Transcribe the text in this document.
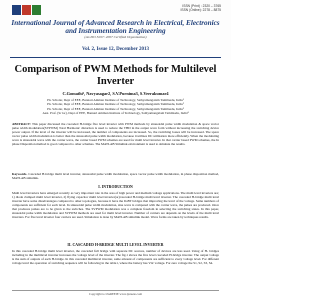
ISSN (Print) : 2320 – 3765
ISSN (Online): 2278 – 8875
International Journal of Advanced Research in Electrical, Electronics and Instrumentation Engineering
(An ISO 3297: 2007 Certified Organization)
Vol. 2, Issue 12, December 2013
Comparison of PWM Methods for Multilevel Inverter
C.Gomathi¹, Navyasagar2, S.V.Purnima3, S.Veerakumar4
PG Scholar, Dept of EEE, Bannari Amman Institute of Technology, Sathyamangalam Tamilnadu, India¹
PG Scholar, Dept of EEE, Bannari Amman Institute of Technology, Sathyamangalam Tamilnadu, India²
PG Scholar, Dept of EEE, Bannari Amman Institute of Technology, Sathyamangalam Tamilnadu, India³
Asst. Prof. (Sr Gr), Dept of EEE, Bannari Amman Institute of Technology, Sathyamangalam Tamilnadu, India⁴

ABSTRACT: This paper discussed the cascaded H-bridge five level inverter with PWM methods by sinusoidal pulse width modulation & space vector pulse width modulation(SVPWM) Total Harmonic distortion is used to reduce the THD in the output wave form without increasing the switching device power output. If the level of the inverter will be increased, the number of components are increased. So, the switching losses will be increased. The space vector pulse width modulation is better than the sinusoidal pulse width modulation, because it utilizes DC utilization more efficiently. When the modulating wave is sinusoidal wave with the carrier wave, the carrier based PWM schemes are used for multi level inverter. In that carrier based PWM schemes, the In phase Disposition method is good compared to other schemes. The MATLAB Simulink environment is used to simulate the results.

Keywords- Cascaded H-bridge multi level inverter, sinusoidal pulse width modulation, space vector pulse width modulation, in phase disposition method, MATLAB simulink.

I. INTRODUCTION

Multi level inverters have emerged recently as very important role in the area of high power and medium voltage applications. The multi level inverters are; 1) diode clamped multi level inverter, 2) flying capacitor multi level inverter(or)cascaded H-bridge multi level inverter. The cascaded H-bridge multi level inverter have some disadvantages compared to other topologies, because it have the IGBT bridges that improving the level of the voltage. Same numbers of components are sufficient for each level. In sinusoidal pulse width modulation, sine wave is compared with the carrier wave, the pulses are produced. Once that produces pulses are to be given to the switches. The SVPWM modulation was a complete freedom in selecting the switching states. In this paper, sinusoidal pulse width modulation and SVPWM methods are used for multi level inverter. Number of carriers are depends on the levels of the multi level inverters. For five level inverter four carriers are used. Simulation is done by MATLAB simulink model. Wave forms are taken by techniques results.

II. CASCADED H-BRIDGE MULTI LEVEL INVERTER

In this cascaded H-bridge multi level inverter, the cascaded full bridge with separate DC sources, number of devices are less used. Using of H- bridges including in the multilevel inverter increases the voltage level of the inverter. The fig.1 shows the five level cascaded H-bridge inverter. The output voltage is the sum of outputs of each H-bridge. In this cascaded multilevel inverter, same amount of components are sufficient to every voltage level. For different voltage level the operation of switching sequence will be following in the table1, where the battery has Vdc voltage. For zero voltage the S1, S2, S3, S4.

Copyright to IJAREEIE www.ijareeie.com
